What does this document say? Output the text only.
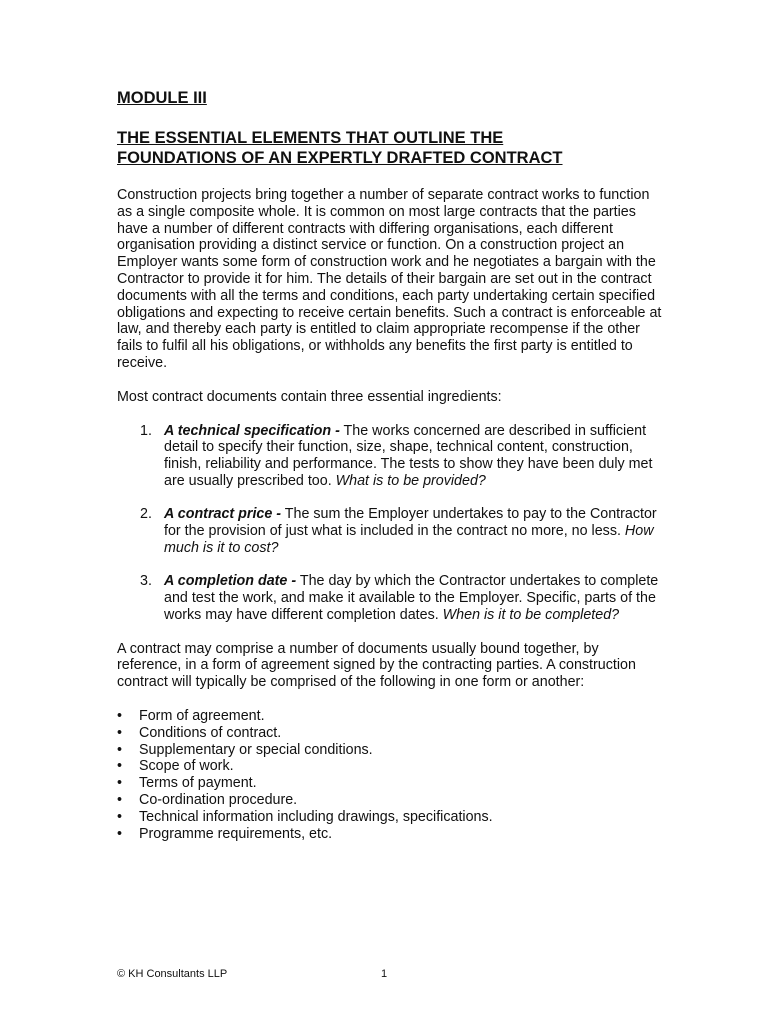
MODULE III
THE ESSENTIAL ELEMENTS THAT OUTLINE THE
FOUNDATIONS OF AN EXPERTLY DRAFTED CONTRACT

Construction projects bring together a number of separate contract works to function as a single composite whole. It is common on most large contracts that the parties have a number of different contracts with differing organisations, each different organisation providing a distinct service or function. On a construction project an Employer wants some form of construction work and he negotiates a bargain with the Contractor to provide it for him. The details of their bargain are set out in the contract documents with all the terms and conditions, each party undertaking certain specified obligations and expecting to receive certain benefits. Such a contract is enforceable at law, and thereby each party is entitled to claim appropriate recompense if the other fails to fulfil all his obligations, or withholds any benefits the first party is entitled to receive.

Most contract documents contain three essential ingredients:

1. A technical specification - The works concerned are described in sufficient detail to specify their function, size, shape, technical content, construction, finish, reliability and performance. The tests to show they have been duly met are usually prescribed too. What is to be provided?
2. A contract price - The sum the Employer undertakes to pay to the Contractor for the provision of just what is included in the contract no more, no less. How much is it to cost?
3. A completion date - The day by which the Contractor undertakes to complete and test the work, and make it available to the Employer. Specific, parts of the works may have different completion dates. When is it to be completed?

A contract may comprise a number of documents usually bound together, by reference, in a form of agreement signed by the contracting parties. A construction contract will typically be comprised of the following in one form or another:

• Form of agreement.
• Conditions of contract.
• Supplementary or special conditions.
• Scope of work.
• Terms of payment.
• Co-ordination procedure.
• Technical information including drawings, specifications.
• Programme requirements, etc.
© KH Consultants LLP	1
